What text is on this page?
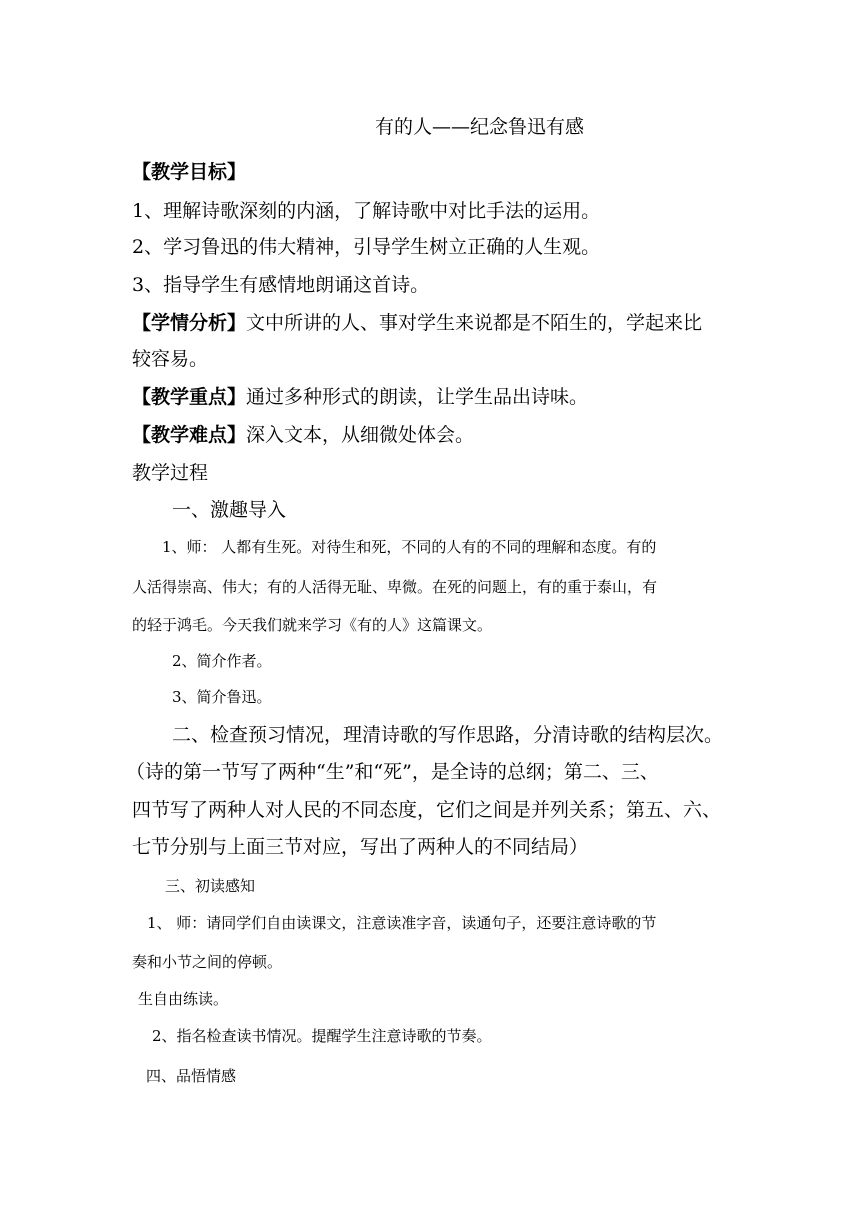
有的人——纪念鲁迅有感
【教学目标】
1、理解诗歌深刻的内涵，了解诗歌中对比手法的运用。
2、学习鲁迅的伟大精神，引导学生树立正确的人生观。
3、指导学生有感情地朗诵这首诗。
【学情分析】文中所讲的人、事对学生来说都是不陌生的，学起来比
较容易。
【教学重点】通过多种形式的朗读，让学生品出诗味。
【教学难点】深入文本，从细微处体会。
教学过程
一、激趣导入
1、师： 人都有生死。对待生和死，不同的人有的不同的理解和态度。有的
人活得崇高、伟大；有的人活得无耻、卑微。在死的问题上，有的重于泰山，有
的轻于鸿毛。今天我们就来学习《有的人》这篇课文。
2、简介作者。
3、简介鲁迅。
二、检查预习情况，理清诗歌的写作思路，分清诗歌的结构层次。
（诗的第一节写了两种“生”和“死”，是全诗的总纲；第二、三、
四节写了两种人对人民的不同态度，它们之间是并列关系；第五、六、
七节分别与上面三节对应，写出了两种人的不同结局）
三、初读感知
1、 师：请同学们自由读课文，注意读准字音，读通句子，还要注意诗歌的节
奏和小节之间的停顿。
生自由练读。
2、指名检查读书情况。提醒学生注意诗歌的节奏。
四、品悟情感
